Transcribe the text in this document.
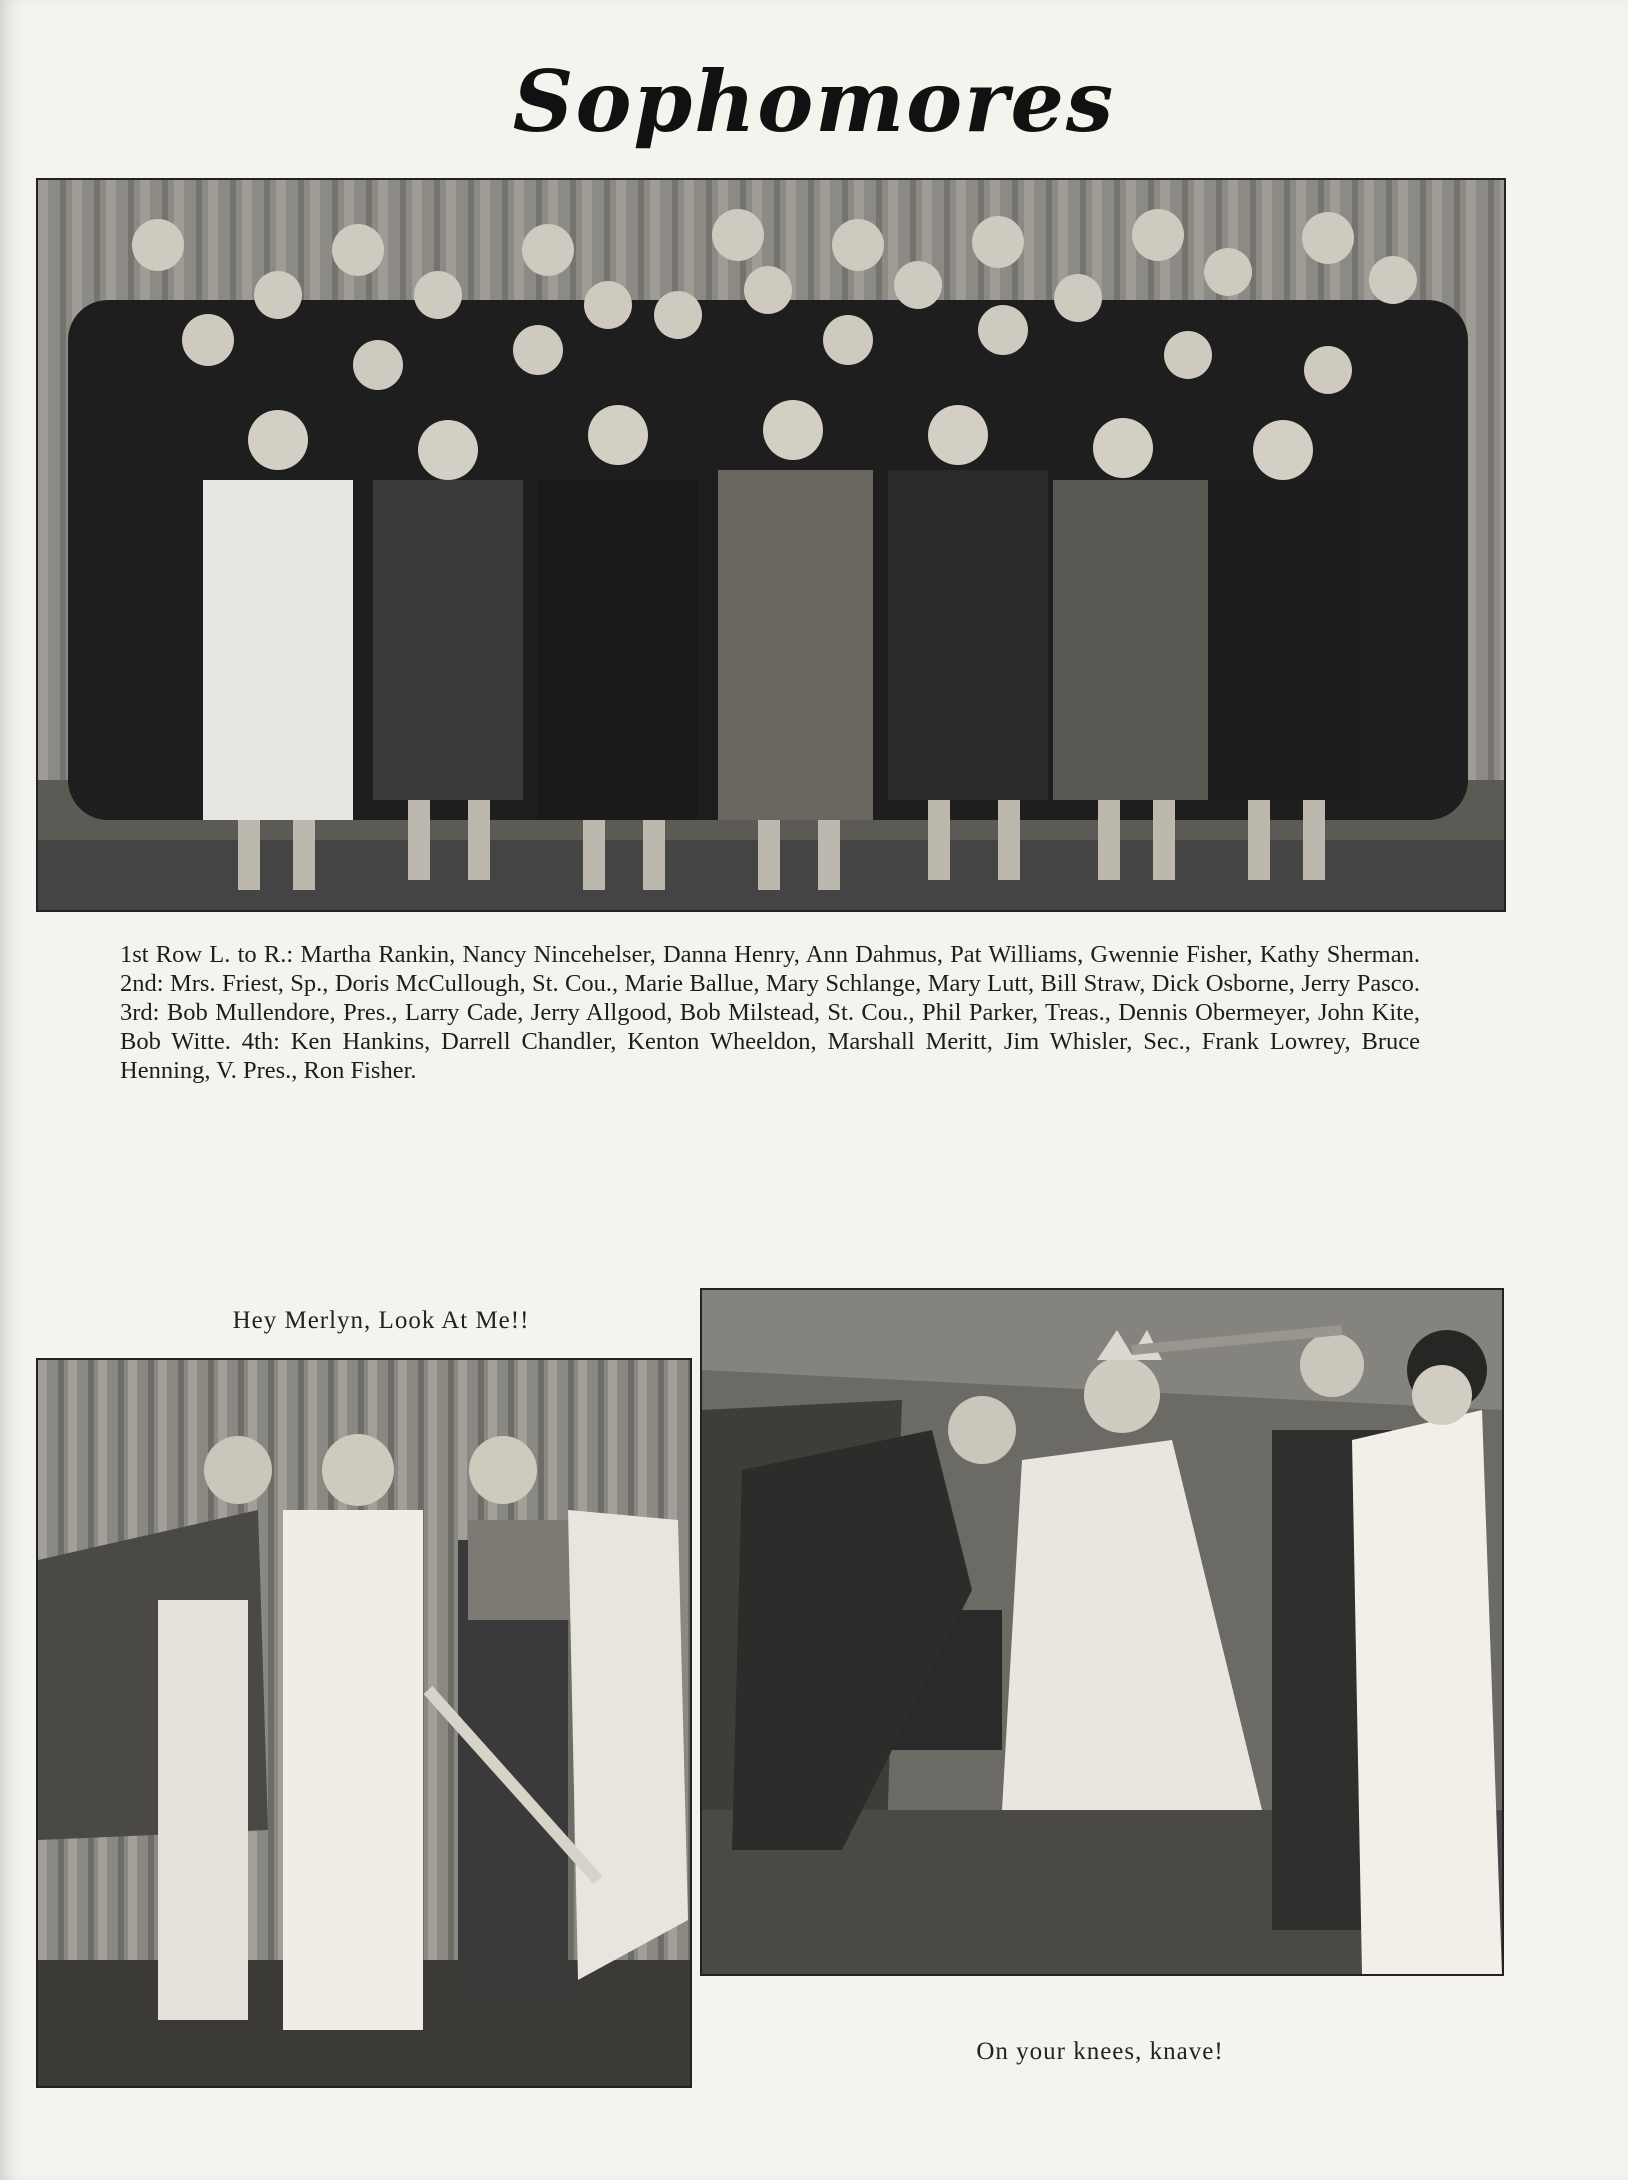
Sophomores
1st Row L. to R.: Martha Rankin, Nancy Nincehelser, Danna Henry, Ann Dahmus, Pat Williams, Gwennie Fisher, Kathy Sherman. 2nd: Mrs. Friest, Sp., Doris McCullough, St. Cou., Marie Ballue, Mary Schlange, Mary Lutt, Bill Straw, Dick Osborne, Jerry Pasco. 3rd: Bob Mullendore, Pres., Larry Cade, Jerry Allgood, Bob Milstead, St. Cou., Phil Parker, Treas., Dennis Obermeyer, John Kite, Bob Witte. 4th: Ken Hankins, Darrell Chandler, Kenton Wheeldon, Marshall Meritt, Jim Whisler, Sec., Frank Lowrey, Bruce Henning, V. Pres., Ron Fisher.
Hey Merlyn, Look At Me!!
On your knees, knave!
